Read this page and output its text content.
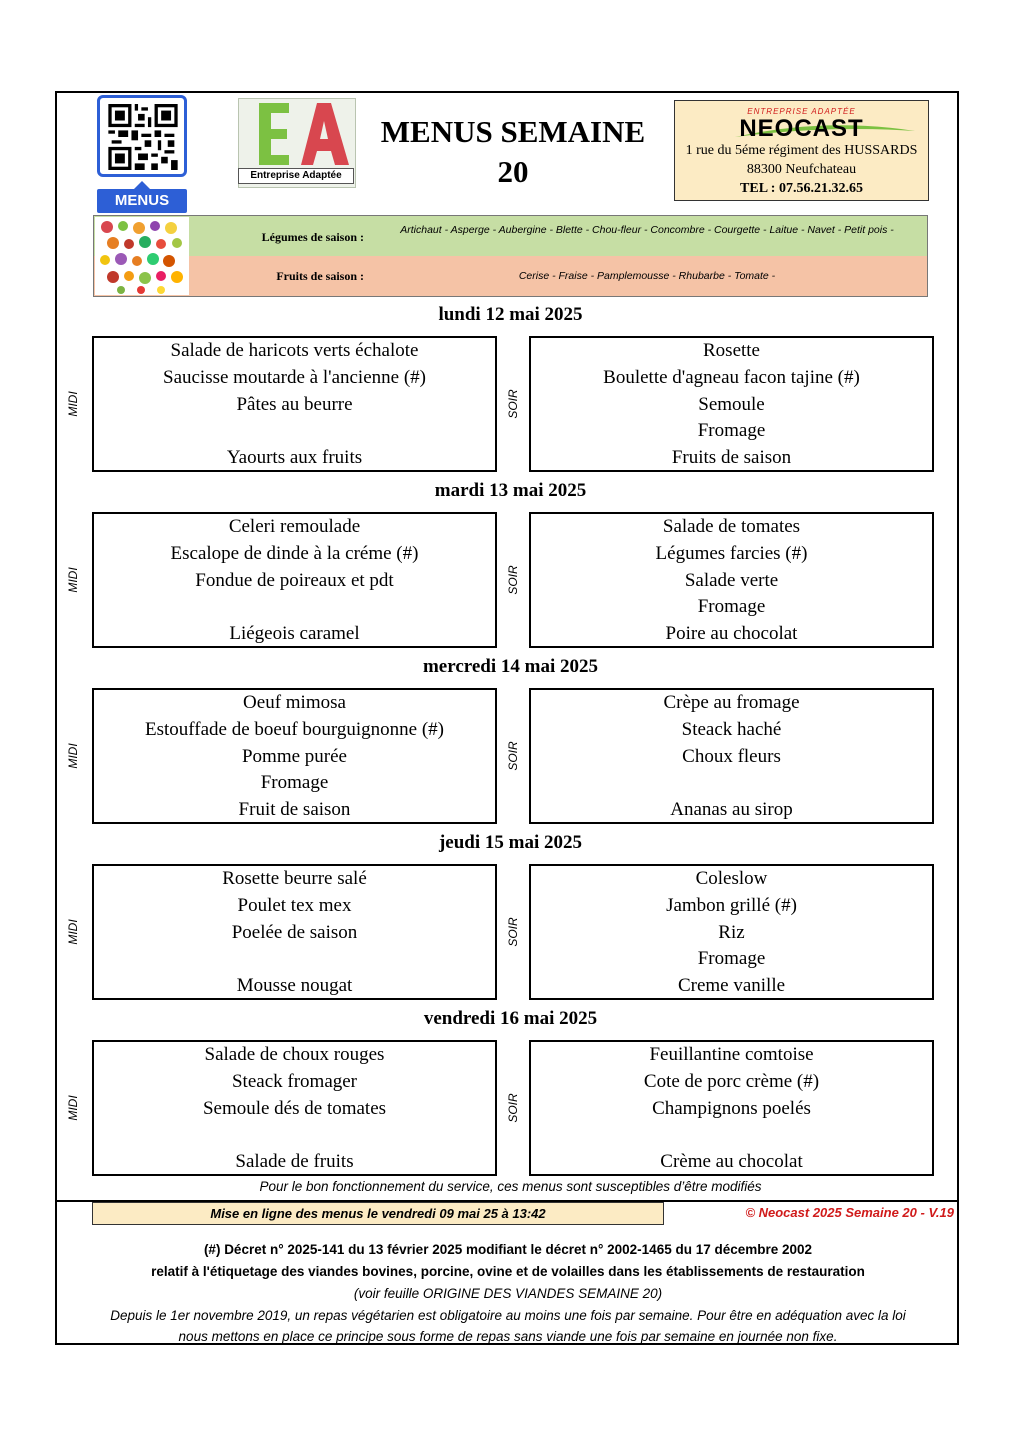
MENUS
Entreprise Adaptée
MENUS SEMAINE
20
ENTREPRISE ADAPTÉE
NEOCAST
1 rue du 5éme régiment des HUSSARDS
88300 Neufchateau
TEL : 07.56.21.32.65
Légumes de saison :	Artichaut - Asperge - Aubergine - Blette - Chou-fleur - Concombre - Courgette - Laitue - Navet - Petit pois -
Fruits de saison :	Cerise - Fraise - Pamplemousse - Rhubarbe - Tomate -
lundi 12 mai 2025
MIDI
Salade de haricots verts échalote
Saucisse moutarde à l'ancienne (#)
Pâtes au beurre
Yaourts aux fruits
SOIR
Rosette
Boulette d'agneau facon tajine (#)
Semoule
Fromage
Fruits de saison
mardi 13 mai 2025
MIDI
Celeri remoulade
Escalope de dinde à la créme (#)
Fondue de poireaux et pdt
Liégeois caramel
SOIR
Salade de tomates
Légumes farcies (#)
Salade verte
Fromage
Poire au chocolat
mercredi 14 mai 2025
MIDI
Oeuf mimosa
Estouffade de boeuf bourguignonne (#)
Pomme purée
Fromage
Fruit de saison
SOIR
Crèpe au fromage
Steack haché
Choux fleurs
Ananas au sirop
jeudi 15 mai 2025
MIDI
Rosette beurre salé
Poulet tex mex
Poelée de saison
Mousse nougat
SOIR
Coleslow
Jambon grillé (#)
Riz
Fromage
Creme vanille
vendredi 16 mai 2025
MIDI
Salade de choux rouges
Steack fromager
Semoule dés de tomates
Salade de fruits
SOIR
Feuillantine comtoise
Cote de porc crème (#)
Champignons poelés
Crème au chocolat
Pour le bon fonctionnement du service, ces menus sont susceptibles d’être modifiés
Mise en ligne des menus le vendredi 09 mai 25 à 13:42	© Neocast 2025 Semaine 20 - V.19
(#) Décret n° 2025-141 du 13 février 2025 modifiant le décret n° 2002-1465 du 17 décembre 2002
relatif à l'étiquetage des viandes bovines, porcine, ovine et de volailles dans les établissements de restauration
(voir feuille ORIGINE DES VIANDES SEMAINE 20)
Depuis le 1er novembre 2019, un repas végétarien est obligatoire au moins une fois par semaine. Pour être en adéquation avec la loi
nous mettons en place ce principe sous forme de repas sans viande une fois par semaine en journée non fixe.
